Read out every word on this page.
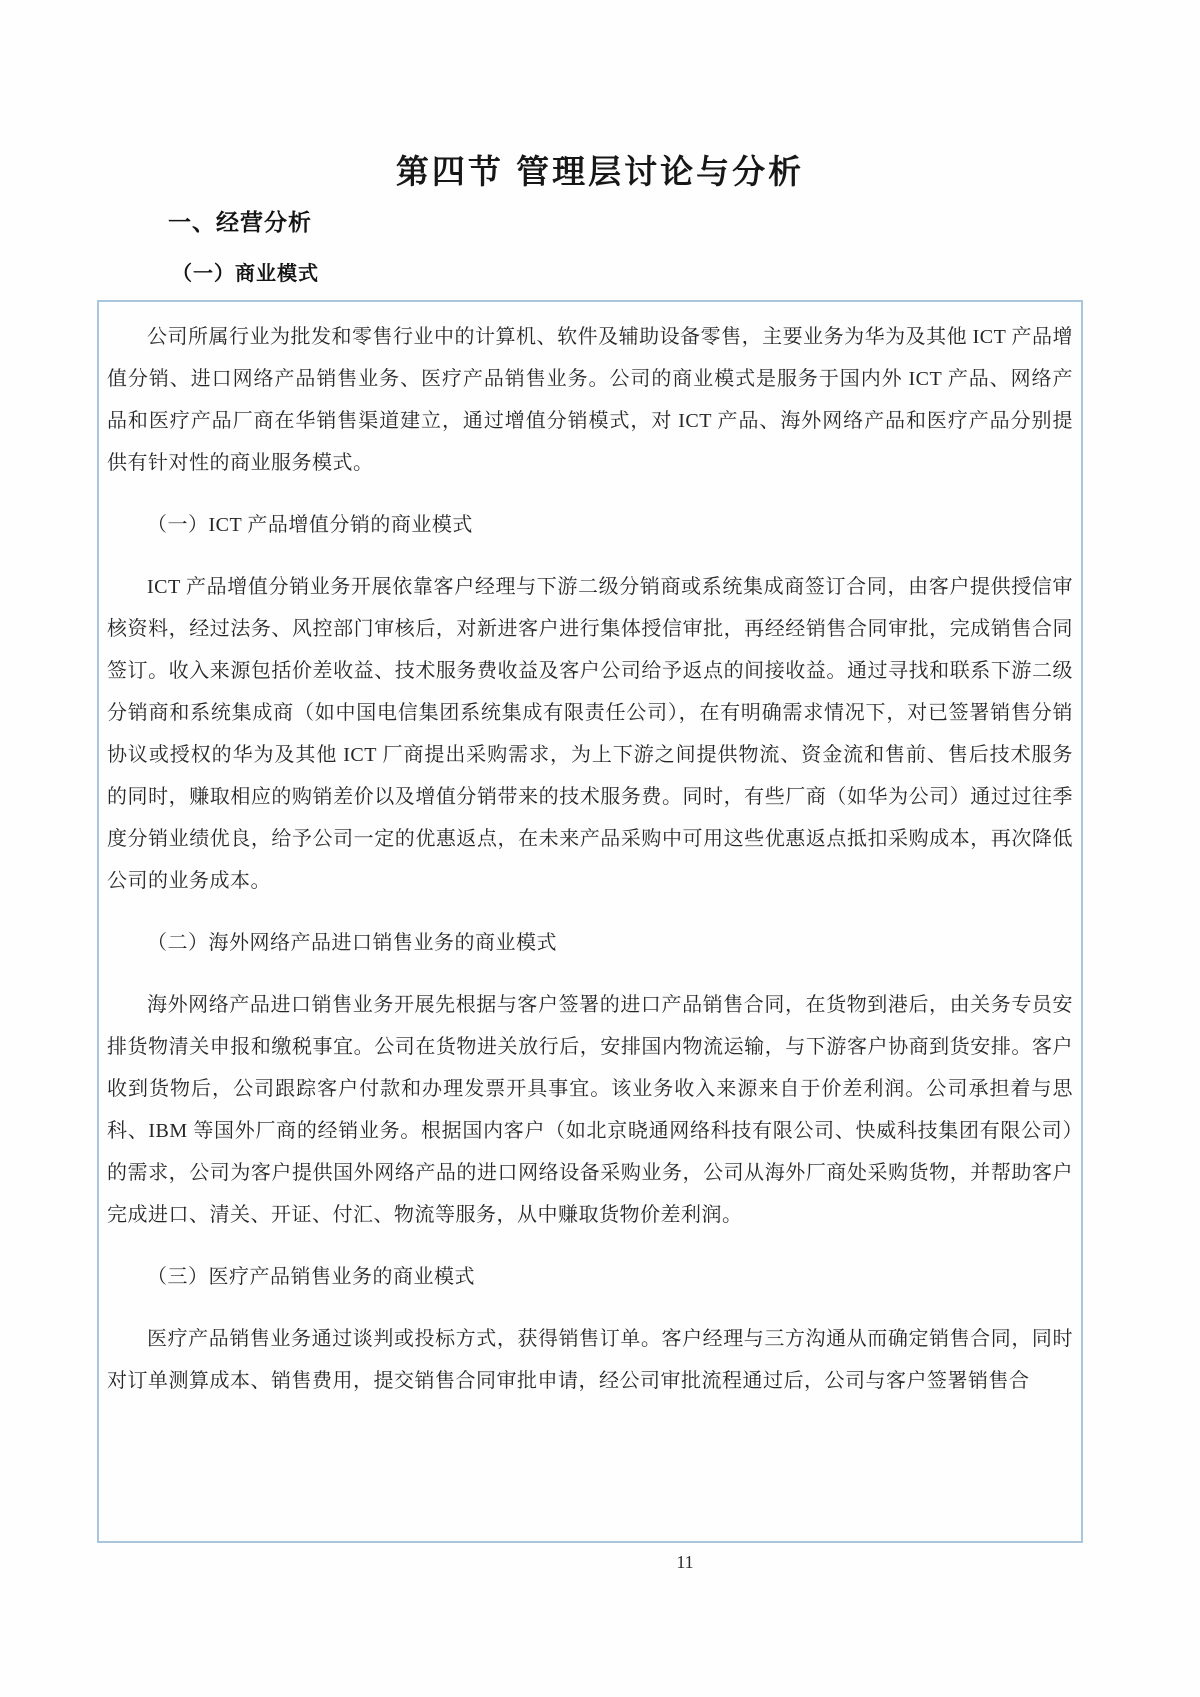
第四节 管理层讨论与分析
一、经营分析
（一）商业模式

公司所属行业为批发和零售行业中的计算机、软件及辅助设备零售，主要业务为华为及其他 ICT 产品增值分销、进口网络产品销售业务、医疗产品销售业务。公司的商业模式是服务于国内外 ICT 产品、网络产品和医疗产品厂商在华销售渠道建立，通过增值分销模式，对 ICT 产品、海外网络产品和医疗产品分别提供有针对性的商业服务模式。

（一）ICT 产品增值分销的商业模式

ICT 产品增值分销业务开展依靠客户经理与下游二级分销商或系统集成商签订合同，由客户提供授信审核资料，经过法务、风控部门审核后，对新进客户进行集体授信审批，再经经销售合同审批，完成销售合同签订。收入来源包括价差收益、技术服务费收益及客户公司给予返点的间接收益。通过寻找和联系下游二级分销商和系统集成商（如中国电信集团系统集成有限责任公司），在有明确需求情况下，对已签署销售分销协议或授权的华为及其他 ICT 厂商提出采购需求，为上下游之间提供物流、资金流和售前、售后技术服务的同时，赚取相应的购销差价以及增值分销带来的技术服务费。同时，有些厂商（如华为公司）通过过往季度分销业绩优良，给予公司一定的优惠返点，在未来产品采购中可用这些优惠返点抵扣采购成本，再次降低公司的业务成本。

（二）海外网络产品进口销售业务的商业模式

海外网络产品进口销售业务开展先根据与客户签署的进口产品销售合同，在货物到港后，由关务专员安排货物清关申报和缴税事宜。公司在货物进关放行后，安排国内物流运输，与下游客户协商到货安排。客户收到货物后，公司跟踪客户付款和办理发票开具事宜。该业务收入来源来自于价差利润。公司承担着与思科、IBM 等国外厂商的经销业务。根据国内客户（如北京晓通网络科技有限公司、快威科技集团有限公司）的需求，公司为客户提供国外网络产品的进口网络设备采购业务，公司从海外厂商处采购货物，并帮助客户完成进口、清关、开证、付汇、物流等服务，从中赚取货物价差利润。

（三）医疗产品销售业务的商业模式

医疗产品销售业务通过谈判或投标方式，获得销售订单。客户经理与三方沟通从而确定销售合同，同时对订单测算成本、销售费用，提交销售合同审批申请，经公司审批流程通过后，公司与客户签署销售合

11
